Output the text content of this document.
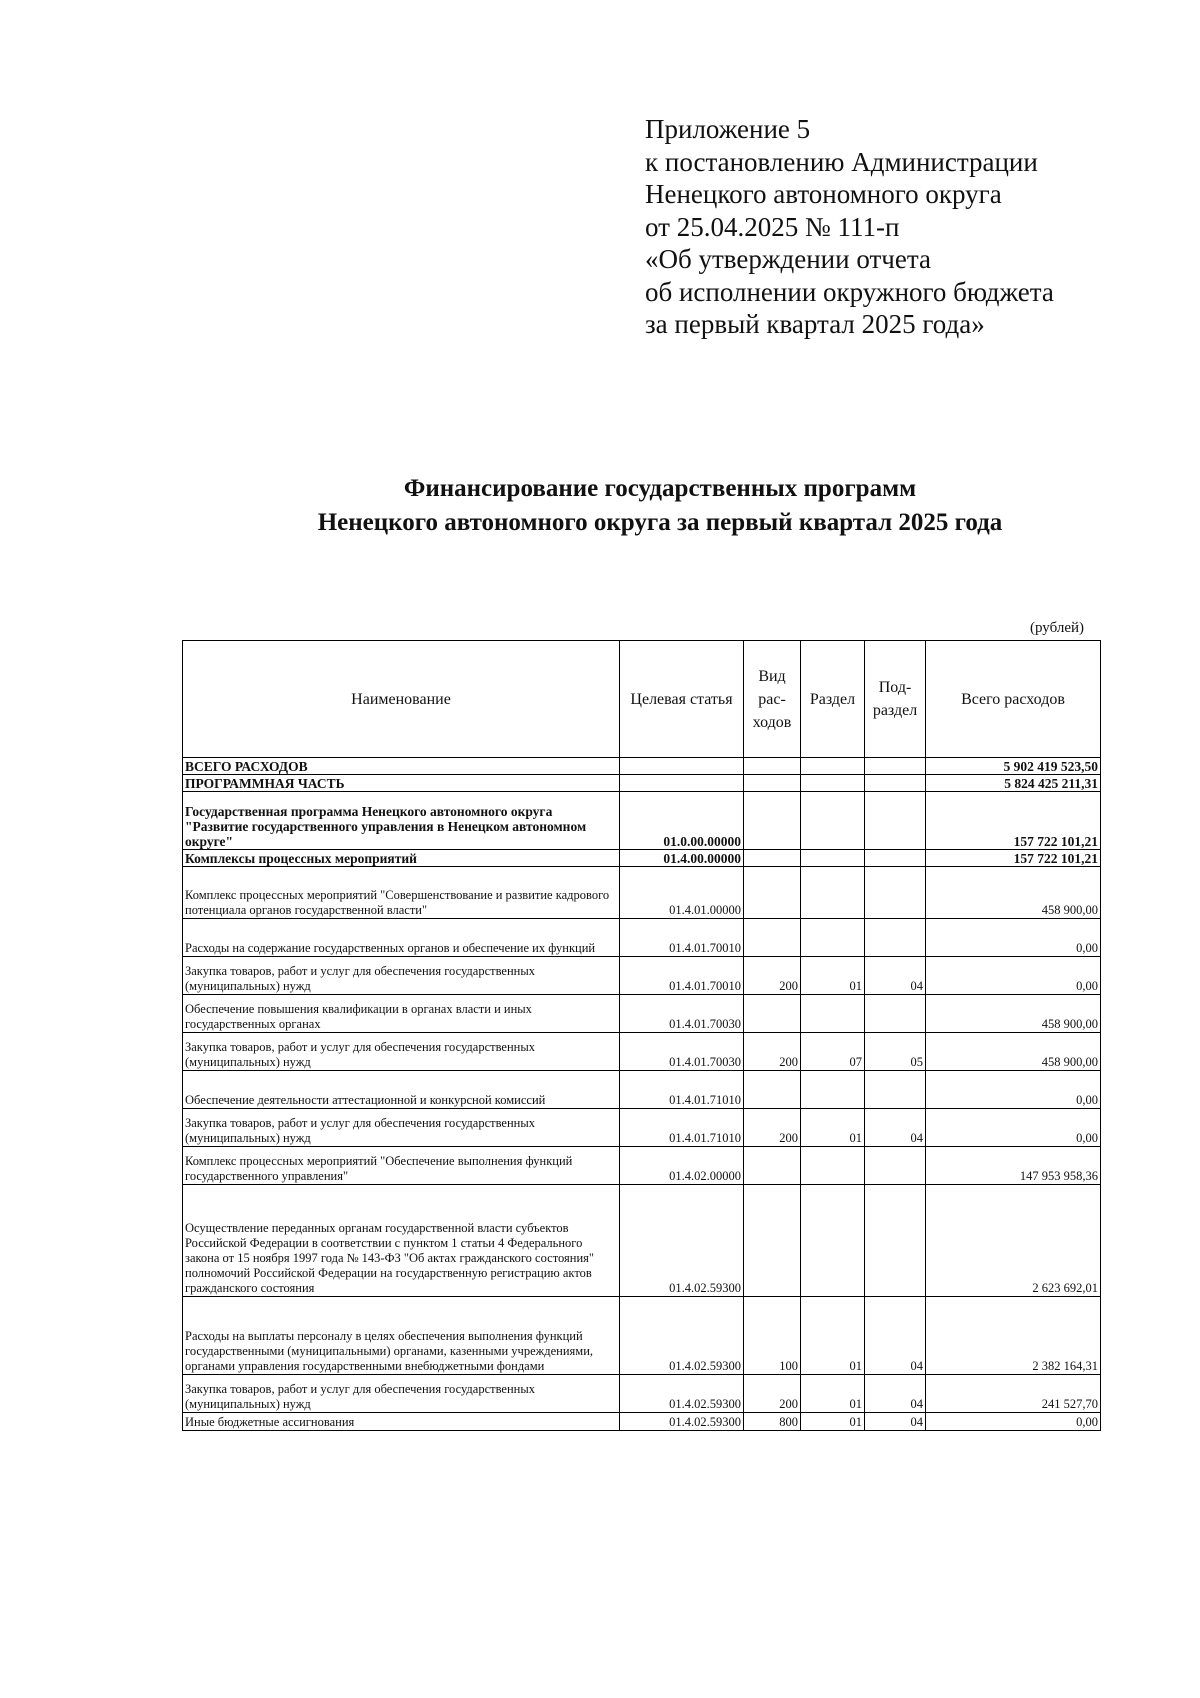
Приложение 5
к постановлению Администрации
Ненецкого автономного округа
от 25.04.2025 № 111-п
«Об утверждении отчета
об исполнении окружного бюджета
за первый квартал 2025 года»
Финансирование государственных программ
Ненецкого автономного округа за первый квартал 2025 года
(рублей)
Наименование	Целевая статья	Вид рас- ходов	Раздел	Под- раздел	Всего расходов
ВСЕГО РАСХОДОВ					5 902 419 523,50
ПРОГРАММНАЯ ЧАСТЬ					5 824 425 211,31
Государственная программа Ненецкого автономного округа "Развитие государственного управления в Ненецком автономном округе"	01.0.00.00000				157 722 101,21
Комплексы процессных мероприятий	01.4.00.00000				157 722 101,21
Комплекс процессных мероприятий "Совершенствование и развитие кадрового потенциала органов государственной власти"	01.4.01.00000				458 900,00
Расходы на содержание государственных органов и обеспечение их функций	01.4.01.70010				0,00
Закупка товаров, работ и услуг для обеспечения государственных (муниципальных) нужд	01.4.01.70010	200	01	04	0,00
Обеспечение повышения квалификации в органах власти и иных государственных органах	01.4.01.70030				458 900,00
Закупка товаров, работ и услуг для обеспечения государственных (муниципальных) нужд	01.4.01.70030	200	07	05	458 900,00
Обеспечение деятельности аттестационной и конкурсной комиссий	01.4.01.71010				0,00
Закупка товаров, работ и услуг для обеспечения государственных (муниципальных) нужд	01.4.01.71010	200	01	04	0,00
Комплекс процессных мероприятий "Обеспечение выполнения функций государственного управления"	01.4.02.00000				147 953 958,36
Осуществление переданных органам государственной власти субъектов Российской Федерации в соответствии с пунктом 1 статьи 4 Федерального закона от 15 ноября 1997 года № 143-ФЗ "Об актах гражданского состояния" полномочий Российской Федерации на государственную регистрацию актов гражданского состояния	01.4.02.59300				2 623 692,01
Расходы на выплаты персоналу в целях обеспечения выполнения функций государственными (муниципальными) органами, казенными учреждениями, органами управления государственными внебюджетными фондами	01.4.02.59300	100	01	04	2 382 164,31
Закупка товаров, работ и услуг для обеспечения государственных (муниципальных) нужд	01.4.02.59300	200	01	04	241 527,70
Иные бюджетные ассигнования	01.4.02.59300	800	01	04	0,00
